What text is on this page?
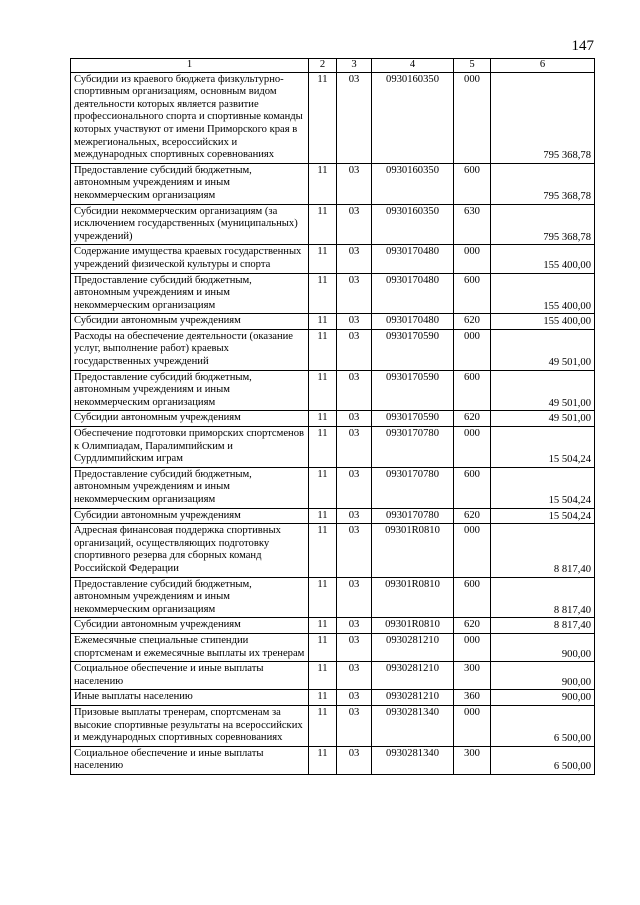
147
1	2	3	4	5	6
Субсидии из краевого бюджета физкультурно-спортивным организациям, основным видом деятельности которых является развитие профессионального спорта и спортивные команды которых участвуют от имени Приморского края в межрегиональных, всероссийских и международных спортивных соревнованиях	11	03	0930160350	000	795 368,78
Предоставление субсидий бюджетным, автономным учреждениям и иным некоммерческим организациям	11	03	0930160350	600	795 368,78
Субсидии некоммерческим организациям (за исключением государственных (муниципальных) учреждений)	11	03	0930160350	630	795 368,78
Содержание имущества краевых государственных учреждений физической культуры и спорта	11	03	0930170480	000	155 400,00
Предоставление субсидий бюджетным, автономным учреждениям и иным некоммерческим организациям	11	03	0930170480	600	155 400,00
Субсидии автономным учреждениям	11	03	0930170480	620	155 400,00
Расходы на обеспечение деятельности (оказание услуг, выполнение работ) краевых государственных учреждений	11	03	0930170590	000	49 501,00
Предоставление субсидий бюджетным, автономным учреждениям и иным некоммерческим организациям	11	03	0930170590	600	49 501,00
Субсидии автономным учреждениям	11	03	0930170590	620	49 501,00
Обеспечение подготовки приморских спортсменов к Олимпиадам, Паралимпийским и Сурдлимпийским играм	11	03	0930170780	000	15 504,24
Предоставление субсидий бюджетным, автономным учреждениям и иным некоммерческим организациям	11	03	0930170780	600	15 504,24
Субсидии автономным учреждениям	11	03	0930170780	620	15 504,24
Адресная финансовая поддержка спортивных организаций, осуществляющих подготовку спортивного резерва для сборных команд Российской Федерации	11	03	09301R0810	000	8 817,40
Предоставление субсидий бюджетным, автономным учреждениям и иным некоммерческим организациям	11	03	09301R0810	600	8 817,40
Субсидии автономным учреждениям	11	03	09301R0810	620	8 817,40
Ежемесячные специальные стипендии спортсменам и ежемесячные выплаты их тренерам	11	03	0930281210	000	900,00
Социальное обеспечение и иные выплаты населению	11	03	0930281210	300	900,00
Иные выплаты населению	11	03	0930281210	360	900,00
Призовые выплаты тренерам, спортсменам за высокие спортивные результаты на всероссийских и международных спортивных соревнованиях	11	03	0930281340	000	6 500,00
Социальное обеспечение и иные выплаты населению	11	03	0930281340	300	6 500,00
